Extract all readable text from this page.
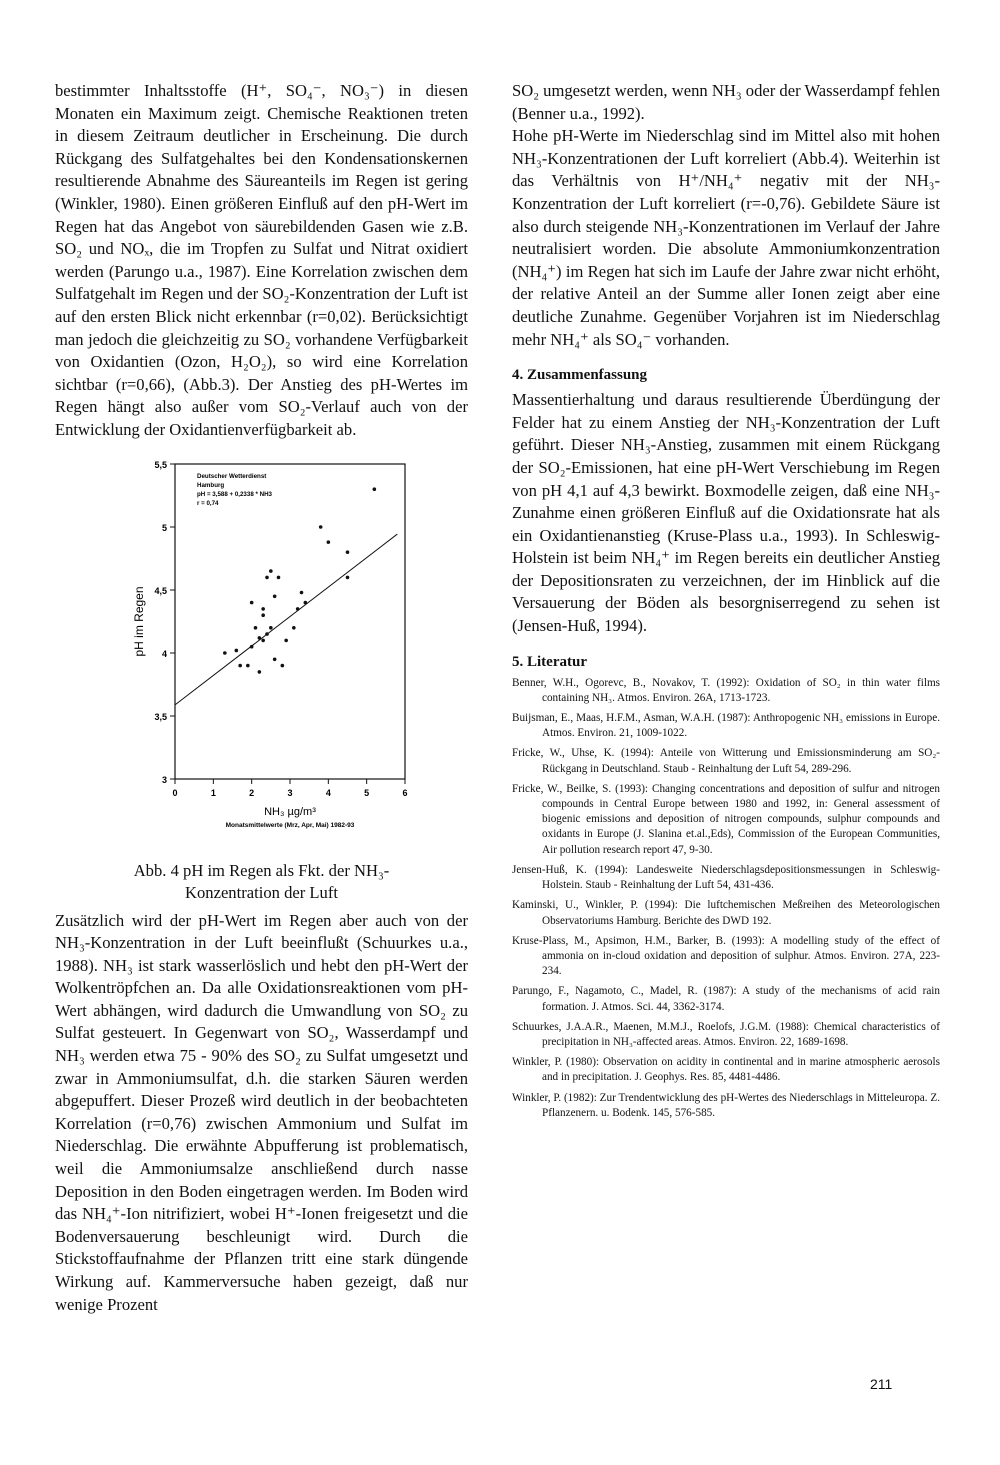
bestimmter Inhaltsstoffe (H⁺, SO₄⁻, NO₃⁻) in diesen Monaten ein Maximum zeigt. Chemische Reaktionen treten in diesem Zeitraum deutlicher in Erscheinung. Die durch Rückgang des Sulfatgehaltes bei den Kondensationskernen resultierende Abnahme des Säureanteils im Regen ist gering (Winkler, 1980). Einen größeren Einfluß auf den pH-Wert im Regen hat das Angebot von säurebildenden Gasen wie z.B. SO₂ und NOₓ, die im Tropfen zu Sulfat und Nitrat oxidiert werden (Parungo u.a., 1987). Eine Korrelation zwischen dem Sulfatgehalt im Regen und der SO₂-Konzentration der Luft ist auf den ersten Blick nicht erkennbar (r=0,02). Berücksichtigt man jedoch die gleichzeitig zu SO₂ vorhandene Verfügbarkeit von Oxidantien (Ozon, H₂O₂), so wird eine Korrelation sichtbar (r=0,66), (Abb.3). Der Anstieg des pH-Wertes im Regen hängt also außer vom SO₂-Verlauf auch von der Entwicklung der Oxidantienverfügbarkeit ab.

3
3,5
4
4,5
5
5,5
0	1	2	3	4	5	6
pH im Regen
NH₃ µg/m³
Monatsmittelwerte (Mrz, Apr, Mai) 1982-93
Deutscher Wetterdienst
Hamburg
pH = 3,588 + 0,2338 * NH3
r = 0,74

Abb. 4 pH im Regen als Fkt. der NH₃-
Konzentration der Luft

Zusätzlich wird der pH-Wert im Regen aber auch von der NH₃-Konzentration in der Luft beeinflußt (Schuurkes u.a., 1988). NH₃ ist stark wasserlöslich und hebt den pH-Wert der Wolkentröpfchen an. Da alle Oxidationsreaktionen vom pH-Wert abhängen, wird dadurch die Umwandlung von SO₂ zu Sulfat gesteuert. In Gegenwart von SO₂, Wasserdampf und NH₃ werden etwa 75 - 90% des SO₂ zu Sulfat umgesetzt und zwar in Ammoniumsulfat, d.h. die starken Säuren werden abgepuffert. Dieser Prozeß wird deutlich in der beobachteten Korrelation (r=0,76) zwischen Ammonium und Sulfat im Niederschlag. Die erwähnte Abpufferung ist problematisch, weil die Ammoniumsalze anschließend durch nasse Deposition in den Boden eingetragen werden. Im Boden wird das NH₄⁺-Ion nitrifiziert, wobei H⁺-Ionen freigesetzt und die Bodenversauerung beschleunigt wird. Durch die Stickstoffaufnahme der Pflanzen tritt eine stark düngende Wirkung auf. Kammerversuche haben gezeigt, daß nur wenige Prozent

SO₂ umgesetzt werden, wenn NH₃ oder der Wasserdampf fehlen (Benner u.a., 1992).

Hohe pH-Werte im Niederschlag sind im Mittel also mit hohen NH₃-Konzentrationen der Luft korreliert (Abb.4). Weiterhin ist das Verhältnis von H⁺/NH₄⁺ negativ mit der NH₃-Konzentration der Luft korreliert (r=-0,76). Gebildete Säure ist also durch steigende NH₃-Konzentrationen im Verlauf der Jahre neutralisiert worden. Die absolute Ammoniumkonzentration (NH₄⁺) im Regen hat sich im Laufe der Jahre zwar nicht erhöht, der relative Anteil an der Summe aller Ionen zeigt aber eine deutliche Zunahme. Gegenüber Vorjahren ist im Niederschlag mehr NH₄⁺ als SO₄⁻ vorhanden.

4. Zusammenfassung

Massentierhaltung und daraus resultierende Überdüngung der Felder hat zu einem Anstieg der NH₃-Konzentration der Luft geführt. Dieser NH₃-Anstieg, zusammen mit einem Rückgang der SO₂-Emissionen, hat eine pH-Wert Verschiebung im Regen von pH 4,1 auf 4,3 bewirkt. Boxmodelle zeigen, daß eine NH₃-Zunahme einen größeren Einfluß auf die Oxidationsrate hat als ein Oxidantienanstieg (Kruse-Plass u.a., 1993). In Schleswig-Holstein ist beim NH₄⁺ im Regen bereits ein deutlicher Anstieg der Depositionsraten zu verzeichnen, der im Hinblick auf die Versauerung der Böden als besorgniserregend zu sehen ist (Jensen-Huß, 1994).

5. Literatur

Benner, W.H., Ogorevc, B., Novakov, T. (1992): Oxidation of SO₂ in thin water films containing NH₃. Atmos. Environ. 26A, 1713-1723.

Buijsman, E., Maas, H.F.M., Asman, W.A.H. (1987): Anthropogenic NH₃ emissions in Europe. Atmos. Environ. 21, 1009-1022.

Fricke, W., Uhse, K. (1994): Anteile von Witterung und Emissionsminderung am SO₂-Rückgang in Deutschland. Staub - Reinhaltung der Luft 54, 289-296.

Fricke, W., Beilke, S. (1993): Changing concentrations and deposition of sulfur and nitrogen compounds in Central Europe between 1980 and 1992, in: General assessment of biogenic emissions and deposition of nitrogen compounds, sulphur compounds and oxidants in Europe (J. Slanina et.al.,Eds), Commission of the European Communities, Air pollution research report 47, 9-30.

Jensen-Huß, K. (1994): Landesweite Niederschlagsdepositionsmessungen in Schleswig-Holstein. Staub - Reinhaltung der Luft 54, 431-436.

Kaminski, U., Winkler, P. (1994): Die luftchemischen Meßreihen des Meteorologischen Observatoriums Hamburg. Berichte des DWD 192.

Kruse-Plass, M., Apsimon, H.M., Barker, B. (1993): A modelling study of the effect of ammonia on in-cloud oxidation and deposition of sulphur. Atmos. Environ. 27A, 223-234.

Parungo, F., Nagamoto, C., Madel, R. (1987): A study of the mechanisms of acid rain formation. J. Atmos. Sci. 44, 3362-3174.

Schuurkes, J.A.A.R., Maenen, M.M.J., Roelofs, J.G.M. (1988): Chemical characteristics of precipitation in NH₃-affected areas. Atmos. Environ. 22, 1689-1698.

Winkler, P. (1980): Observation on acidity in continental and in marine atmospheric aerosols and in precipitation. J. Geophys. Res. 85, 4481-4486.

Winkler, P. (1982): Zur Trendentwicklung des pH-Wertes des Niederschlags in Mitteleuropa. Z. Pflanzenern. u. Bodenk. 145, 576-585.

211
